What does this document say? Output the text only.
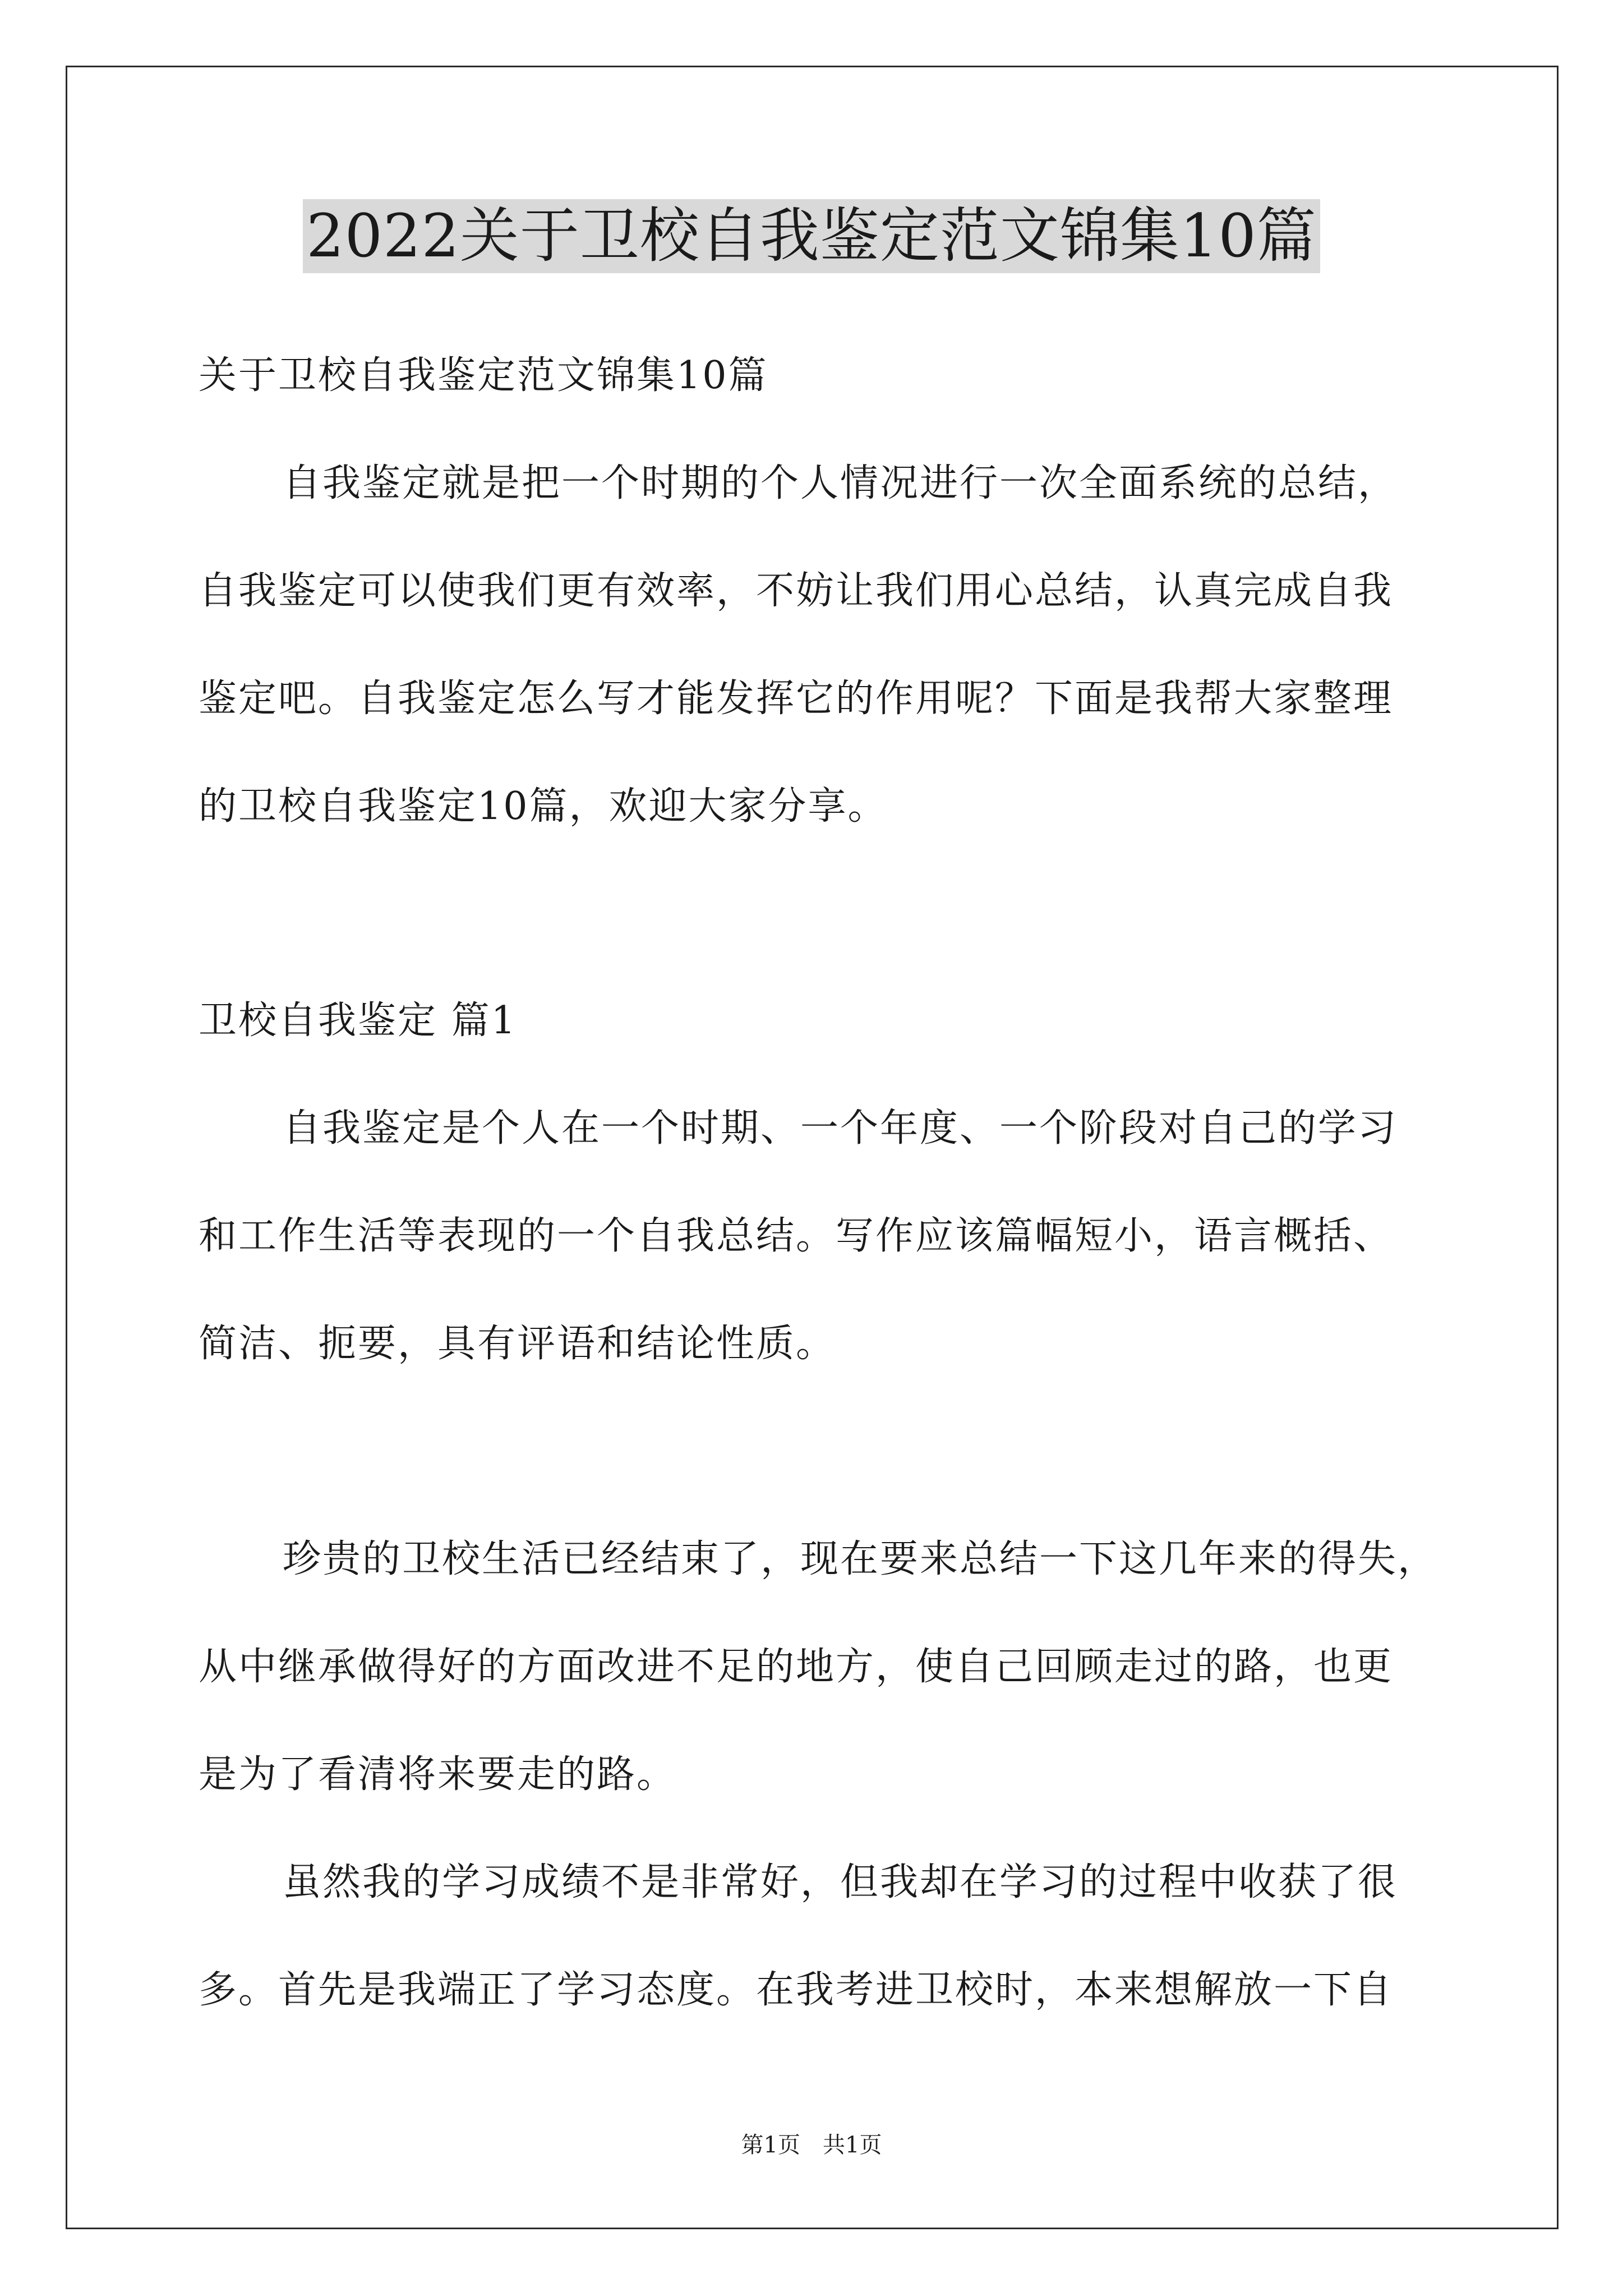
2022关于卫校自我鉴定范文锦集10篇
关于卫校自我鉴定范文锦集10篇
自我鉴定就是把一个时期的个人情况进行一次全面系统的总结，
自我鉴定可以使我们更有效率，不妨让我们用心总结，认真完成自我
鉴定吧。自我鉴定怎么写才能发挥它的作用呢？下面是我帮大家整理
的卫校自我鉴定10篇，欢迎大家分享。
卫校自我鉴定 篇1
自我鉴定是个人在一个时期、一个年度、一个阶段对自己的学习
和工作生活等表现的一个自我总结。写作应该篇幅短小，语言概括、
简洁、扼要，具有评语和结论性质。
珍贵的卫校生活已经结束了，现在要来总结一下这几年来的得失，
从中继承做得好的方面改进不足的地方，使自己回顾走过的路，也更
是为了看清将来要走的路。
虽然我的学习成绩不是非常好，但我却在学习的过程中收获了很
多。首先是我端正了学习态度。在我考进卫校时，本来想解放一下自
第1页　共1页
